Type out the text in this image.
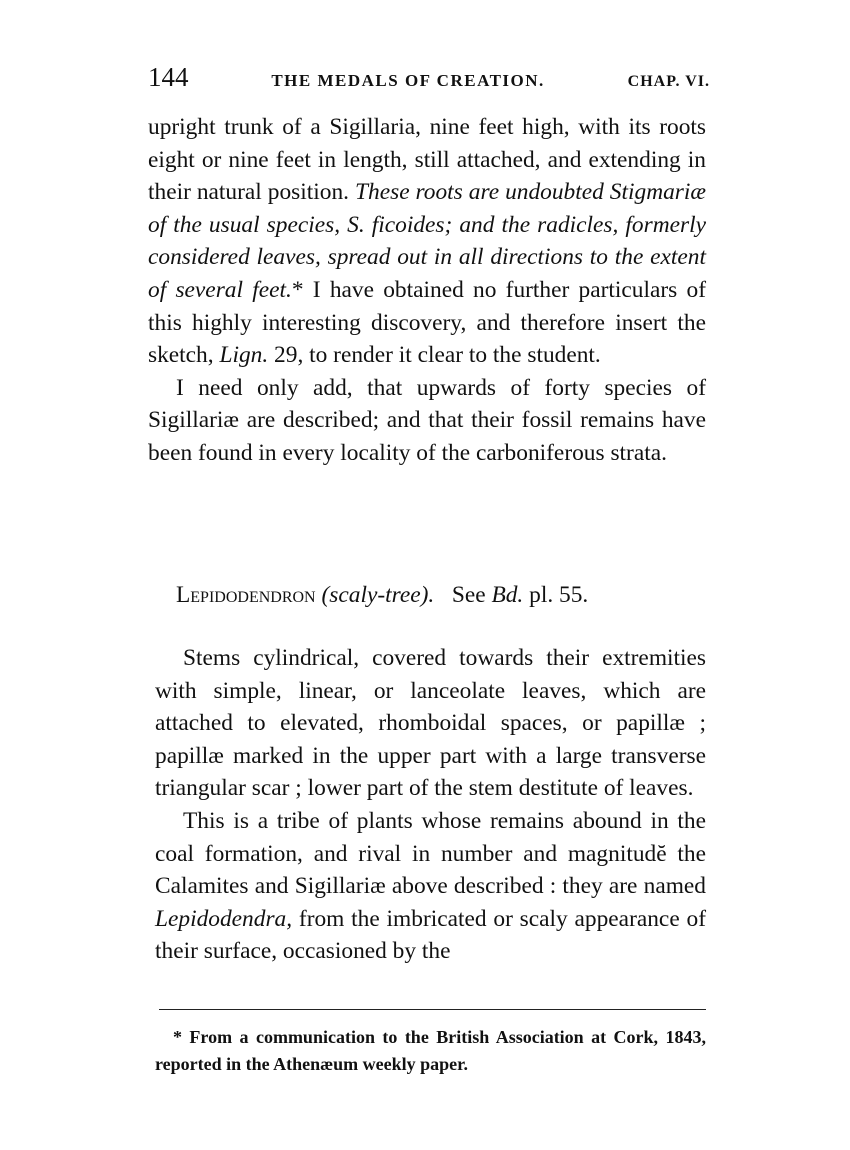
144	THE MEDALS OF CREATION.	CHAP. VI.

upright trunk of a Sigillaria, nine feet high, with its roots eight or nine feet in length, still attached, and extending in their natural position. These roots are undoubted Stigmariæ of the usual species, S. ficoides; and the radicles, formerly considered leaves, spread out in all directions to the extent of several feet.* I have obtained no further particulars of this highly interesting discovery, and therefore insert the sketch, Lign. 29, to render it clear to the student.

I need only add, that upwards of forty species of Sigillariæ are described; and that their fossil remains have been found in every locality of the carboniferous strata.

Lepidodendron (scaly-tree). See Bd. pl. 55.

Stems cylindrical, covered towards their extremities with simple, linear, or lanceolate leaves, which are attached to elevated, rhomboidal spaces, or papillæ ; papillæ marked in the upper part with a large transverse triangular scar ; lower part of the stem destitute of leaves.

This is a tribe of plants whose remains abound in the coal formation, and rival in number and magnitudĕ the Calamites and Sigillariæ above described : they are named Lepidodendra, from the imbricated or scaly appearance of their surface, occasioned by the

* From a communication to the British Association at Cork, 1843, reported in the Athenæum weekly paper.
